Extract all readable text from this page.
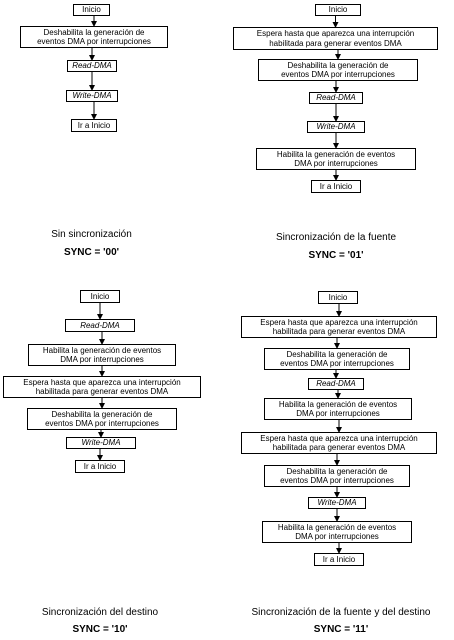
Inicio
Deshabilita la generación de
eventos DMA por interrupciones
Read-DMA
Write-DMA
Ir a Inicio
Sin sincronización
SYNC = '00'
Inicio
Espera hasta que aparezca una interrupción
habilitada para generar eventos DMA
Deshabilita la generación de
eventos DMA por interrupciones
Read-DMA
Write-DMA
Habilita la generación de eventos
DMA por interrupciones
Ir a Inicio
Sincronización de la fuente
SYNC = '01'
Inicio
Read-DMA
Habilita la generación de eventos
DMA por interrupciones
Espera hasta que aparezca una interrupción
habilitada para generar eventos DMA
Deshabilita la generación de
eventos DMA por interrupciones
Write-DMA
Ir a Inicio
Sincronización del destino
SYNC = '10'
Inicio
Espera hasta que aparezca una interrupción
habilitada para generar eventos DMA
Deshabilita la generación de
eventos DMA por interrupciones
Read-DMA
Habilita la generación de eventos
DMA por interrupciones
Espera hasta que aparezca una interrupción
habilitada para generar eventos DMA
Deshabilita la generación de
eventos DMA por interrupciones
Write-DMA
Habilita la generación de eventos
DMA por interrupciones
Ir a Inicio
Sincronización de la fuente y del destino
SYNC = '11'
